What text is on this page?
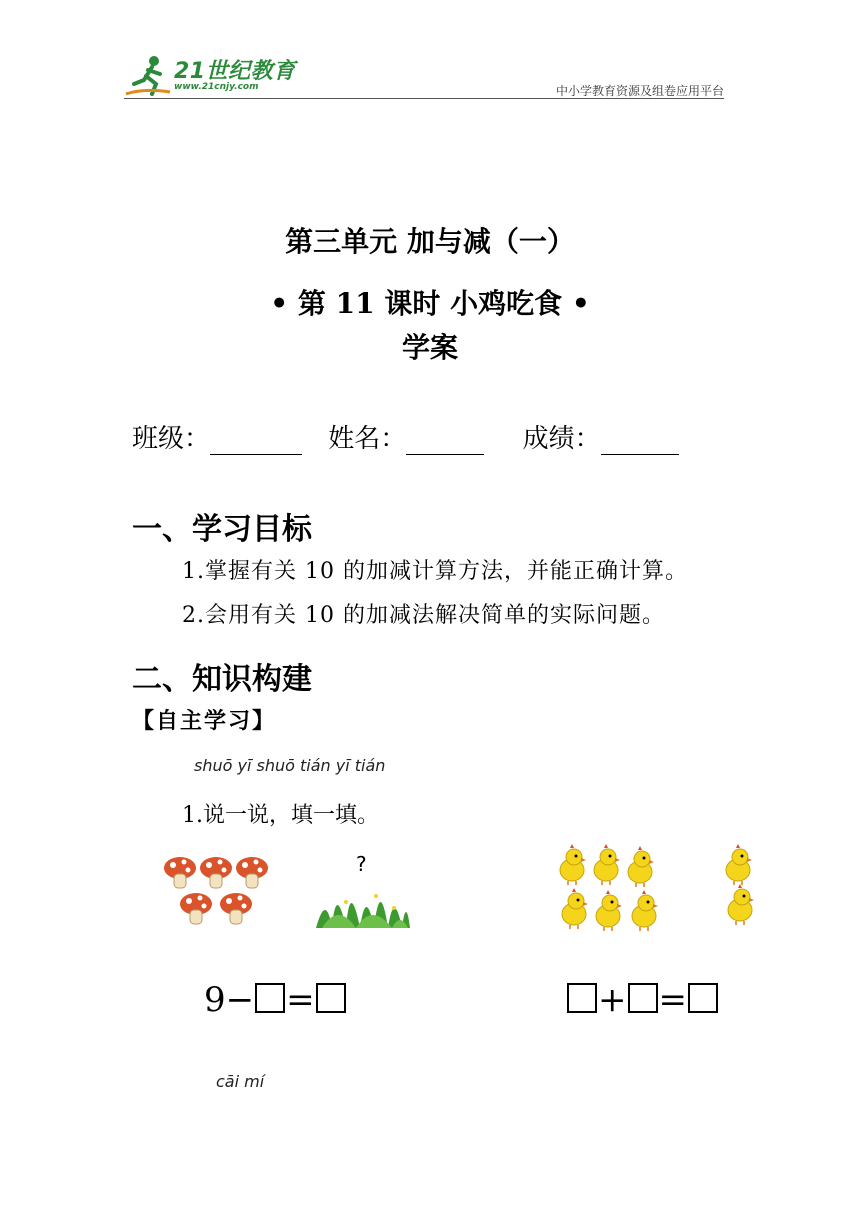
21世纪教育
www.21cnjy.com	中小学教育资源及组卷应用平台
第三单元 加与减（一）
• 第 11 课时 小鸡吃食 •
学案
班级：	姓名：	成绩：
一、学习目标
1.掌握有关 10 的加减计算方法，并能正确计算。
2.会用有关 10 的加减法解决简单的实际问题。
二、知识构建
【自主学习】
shuō yī shuō tián yī tián
1.说一说，填一填。
?
9− =	+ =
cāi mí
